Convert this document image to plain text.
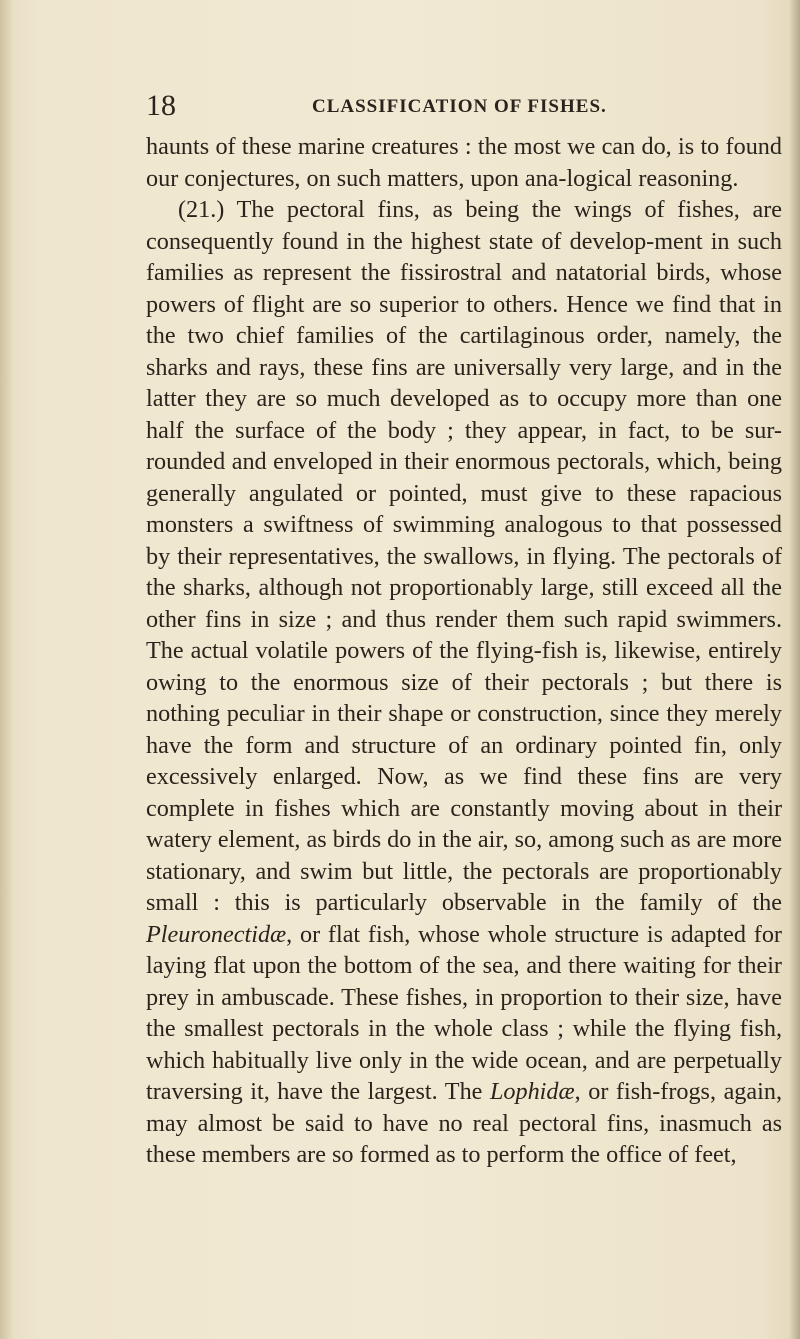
18	CLASSIFICATION OF FISHES.

haunts of these marine creatures : the most we can do, is to found our conjectures, on such matters, upon ana-logical reasoning.

(21.) The pectoral fins, as being the wings of fishes, are consequently found in the highest state of develop-ment in such families as represent the fissirostral and natatorial birds, whose powers of flight are so superior to others. Hence we find that in the two chief families of the cartilaginous order, namely, the sharks and rays, these fins are universally very large, and in the latter they are so much developed as to occupy more than one half the surface of the body ; they appear, in fact, to be sur-rounded and enveloped in their enormous pectorals, which, being generally angulated or pointed, must give to these rapacious monsters a swiftness of swimming analogous to that possessed by their representatives, the swallows, in flying. The pectorals of the sharks, although not proportionably large, still exceed all the other fins in size ; and thus render them such rapid swimmers. The actual volatile powers of the flying-fish is, likewise, entirely owing to the enormous size of their pectorals ; but there is nothing peculiar in their shape or construction, since they merely have the form and structure of an ordinary pointed fin, only excessively enlarged. Now, as we find these fins are very complete in fishes which are constantly moving about in their watery element, as birds do in the air, so, among such as are more stationary, and swim but little, the pectorals are proportionably small : this is particularly observable in the family of the Pleuronectidæ, or flat fish, whose whole structure is adapted for laying flat upon the bottom of the sea, and there waiting for their prey in ambuscade. These fishes, in proportion to their size, have the smallest pectorals in the whole class ; while the flying fish, which habitually live only in the wide ocean, and are perpetually traversing it, have the largest. The Lophidæ, or fish-frogs, again, may almost be said to have no real pectoral fins, inasmuch as these members are so formed as to perform the office of feet,
